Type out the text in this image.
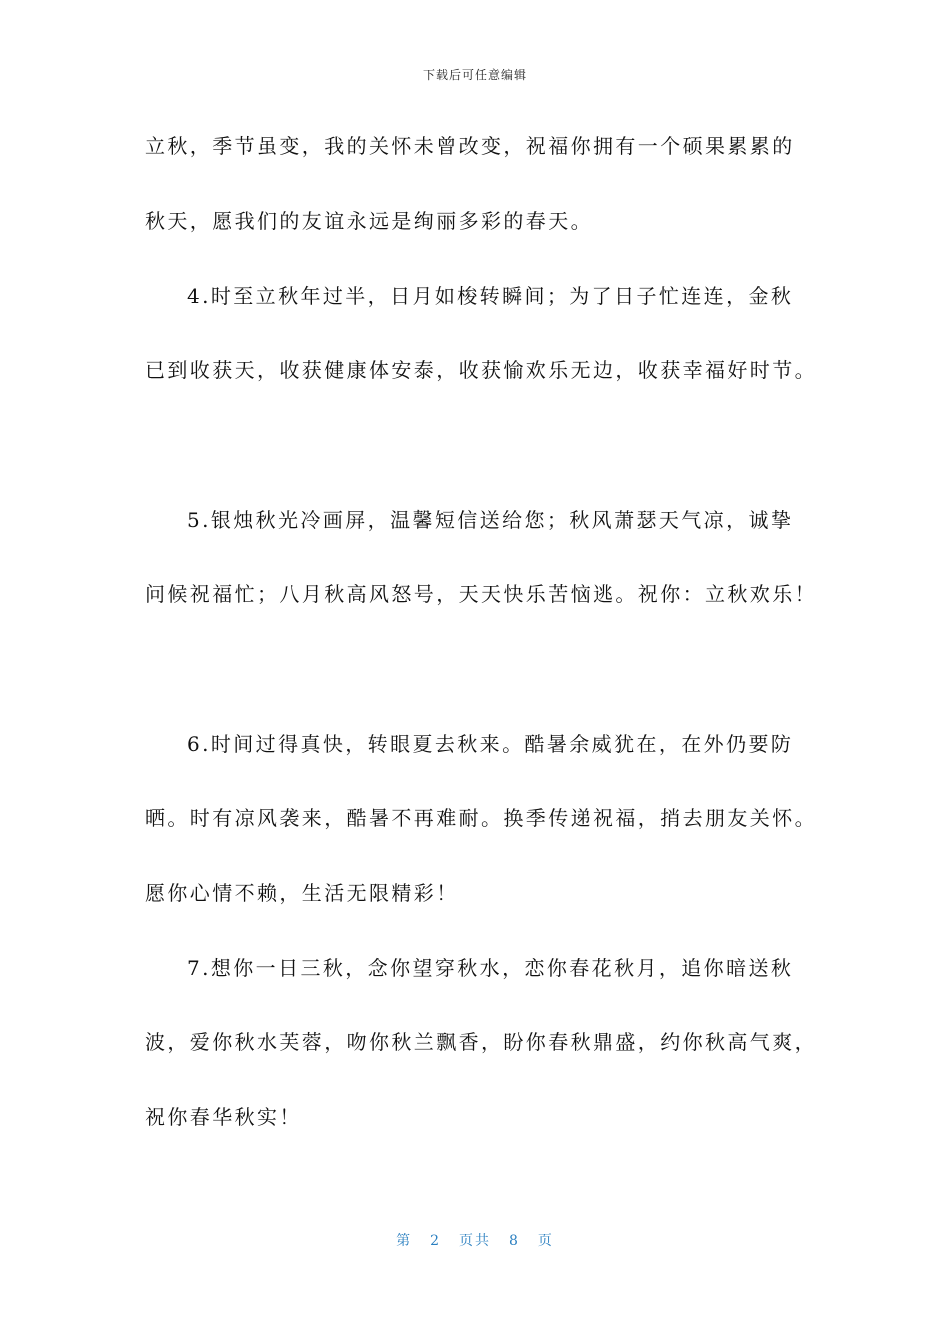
下载后可任意编辑
立秋，季节虽变，我的关怀未曾改变，祝福你拥有一个硕果累累的
秋天，愿我们的友谊永远是绚丽多彩的春天。
4.时至立秋年过半，日月如梭转瞬间；为了日子忙连连，金秋
已到收获天，收获健康体安泰，收获愉欢乐无边，收获幸福好时节。
5.银烛秋光冷画屏，温馨短信送给您；秋风萧瑟天气凉，诚挚
问候祝福忙；八月秋高风怒号，天天快乐苦恼逃。祝你：立秋欢乐！
6.时间过得真快，转眼夏去秋来。酷暑余威犹在，在外仍要防
晒。时有凉风袭来，酷暑不再难耐。换季传递祝福，捎去朋友关怀。
愿你心情不赖，生活无限精彩！
7.想你一日三秋，念你望穿秋水，恋你春花秋月，追你暗送秋
波，爱你秋水芙蓉，吻你秋兰飘香，盼你春秋鼎盛，约你秋高气爽，
祝你春华秋实！
第 2 页共 8 页
